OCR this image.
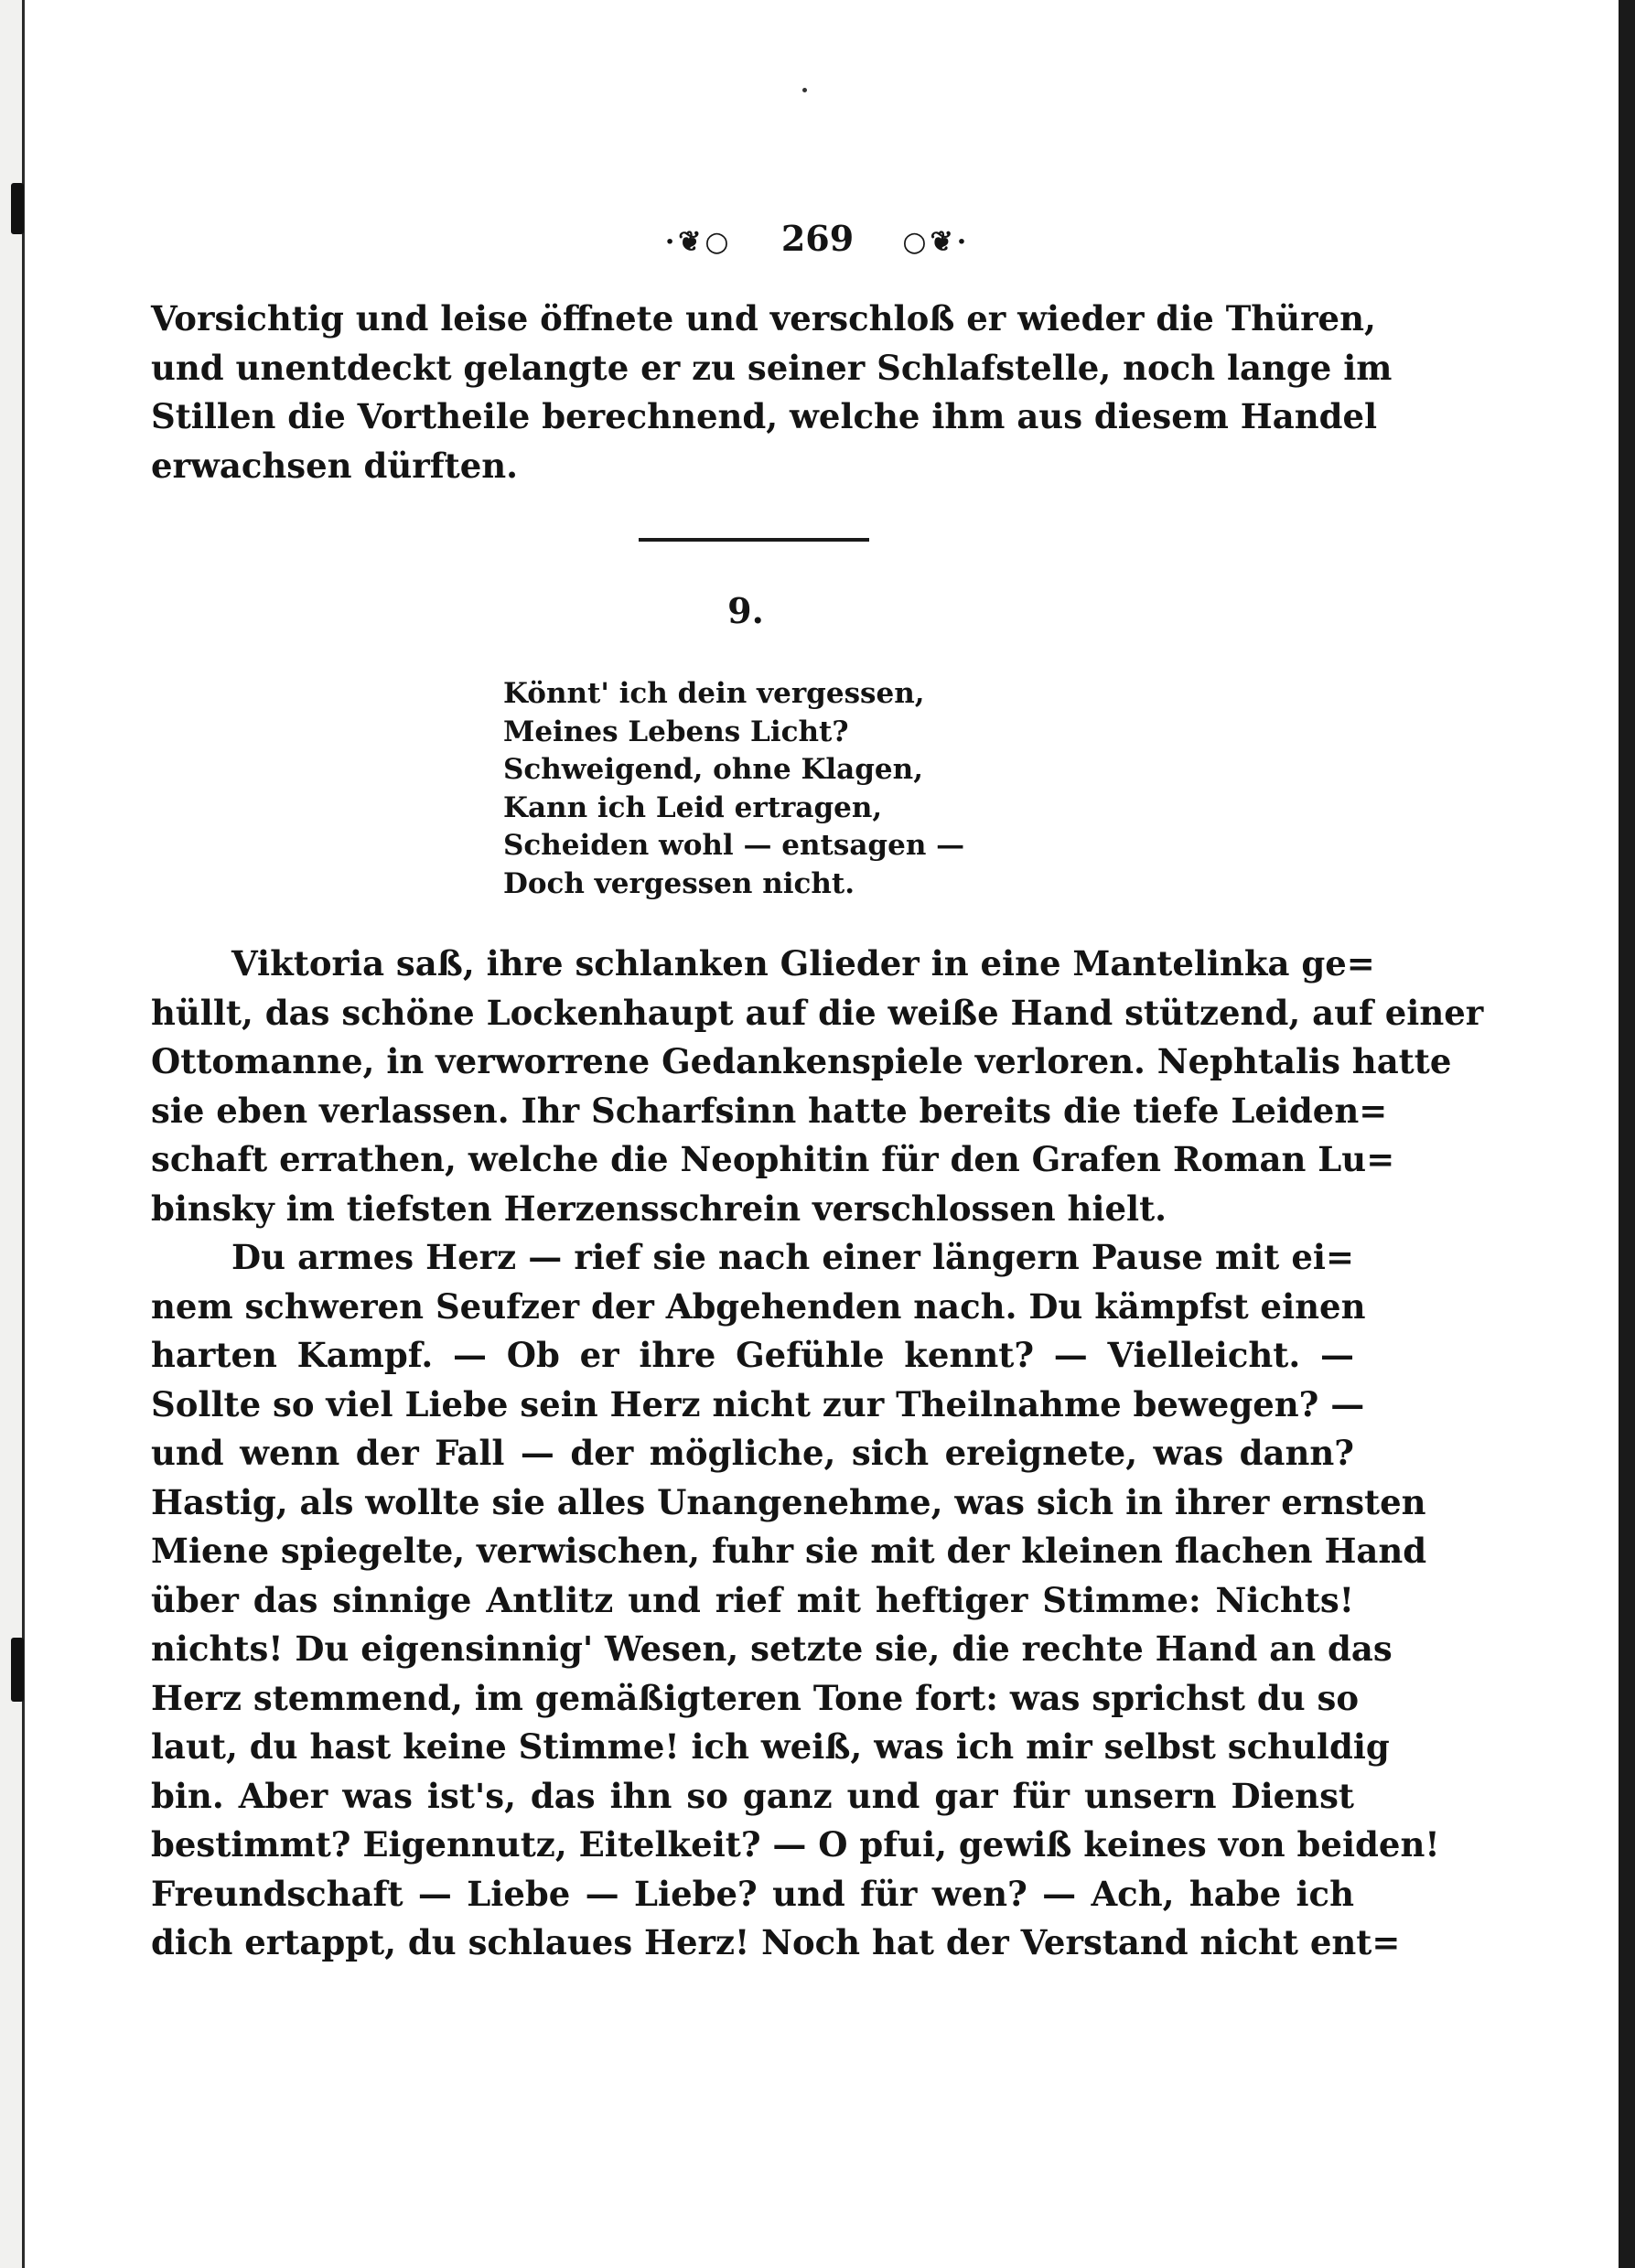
·❦○ 269 ○❦·
Vorsichtig und leise öffnete und verschloß er wieder die Thüren,
und unentdeckt gelangte er zu seiner Schlafstelle, noch lange im
Stillen die Vortheile berechnend, welche ihm aus diesem Handel
erwachsen dürften.
9.
Könnt' ich dein vergessen,
Meines Lebens Licht?
Schweigend, ohne Klagen,
Kann ich Leid ertragen,
Scheiden wohl — entsagen —
Doch vergessen nicht.
Viktoria saß, ihre schlanken Glieder in eine Mantelinka ge=
hüllt, das schöne Lockenhaupt auf die weiße Hand stützend, auf einer
Ottomanne, in verworrene Gedankenspiele verloren. Nephtalis hatte
sie eben verlassen. Ihr Scharfsinn hatte bereits die tiefe Leiden=
schaft errathen, welche die Neophitin für den Grafen Roman Lu=
binsky im tiefsten Herzensschrein verschlossen hielt.
Du armes Herz — rief sie nach einer längern Pause mit ei=
nem schweren Seufzer der Abgehenden nach. Du kämpfst einen
harten Kampf. — Ob er ihre Gefühle kennt? — Vielleicht. —
Sollte so viel Liebe sein Herz nicht zur Theilnahme bewegen? —
und wenn der Fall — der mögliche, sich ereignete, was dann?
Hastig, als wollte sie alles Unangenehme, was sich in ihrer ernsten
Miene spiegelte, verwischen, fuhr sie mit der kleinen flachen Hand
über das sinnige Antlitz und rief mit heftiger Stimme: Nichts!
nichts! Du eigensinnig' Wesen, setzte sie, die rechte Hand an das
Herz stemmend, im gemäßigteren Tone fort: was sprichst du so
laut, du hast keine Stimme! ich weiß, was ich mir selbst schuldig
bin. Aber was ist's, das ihn so ganz und gar für unsern Dienst
bestimmt? Eigennutz, Eitelkeit? — O pfui, gewiß keines von beiden!
Freundschaft — Liebe — Liebe? und für wen? — Ach, habe ich
dich ertappt, du schlaues Herz! Noch hat der Verstand nicht ent=
